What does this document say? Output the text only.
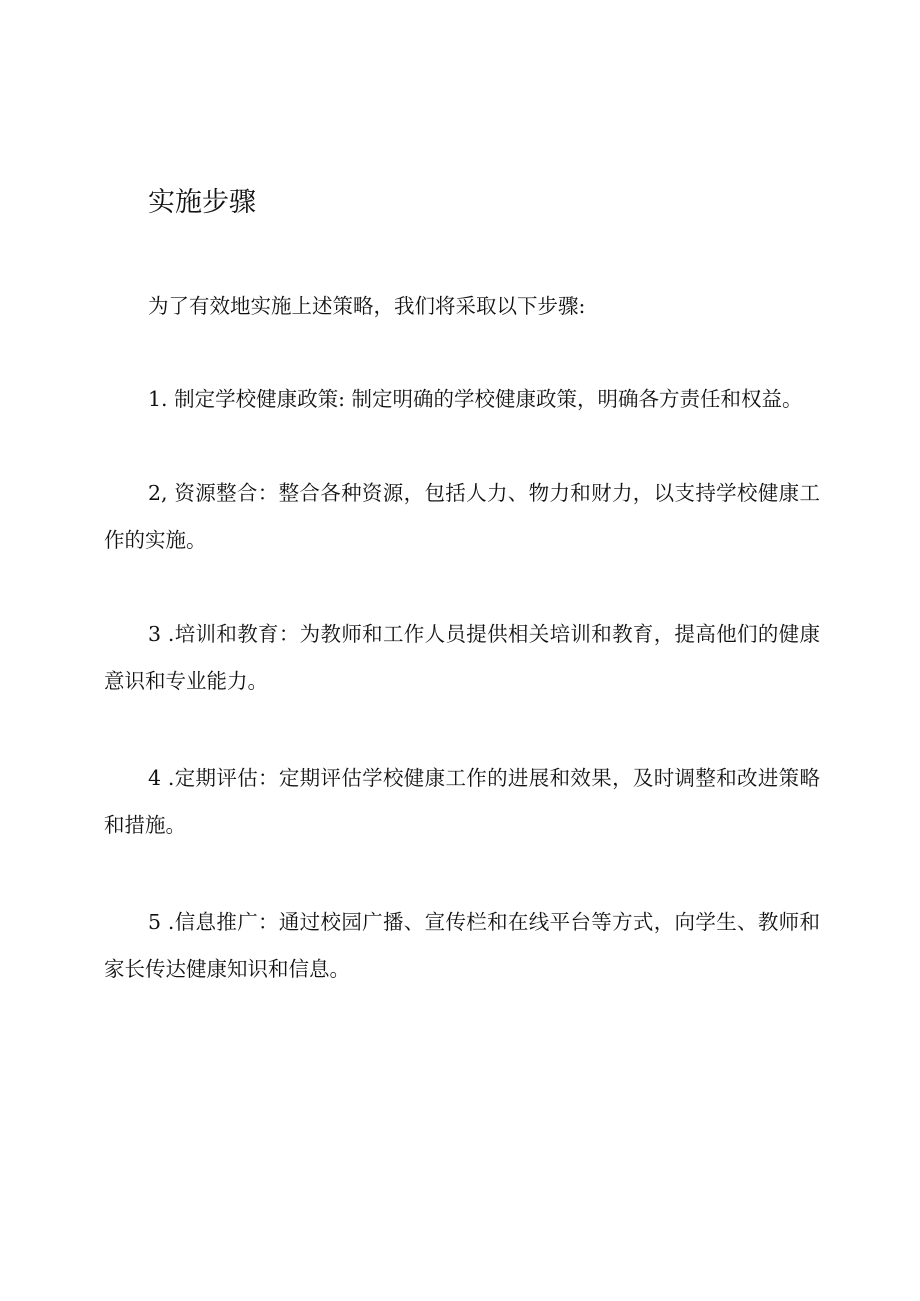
实施步骤

为了有效地实施上述策略，我们将采取以下步骤:

1. 制定学校健康政策: 制定明确的学校健康政策，明确各方责任和权益。

2, 资源整合：整合各种资源，包括人力、物力和财力，以支持学校健康工作的实施。

3 .培训和教育：为教师和工作人员提供相关培训和教育，提高他们的健康意识和专业能力。

4 .定期评估：定期评估学校健康工作的进展和效果，及时调整和改进策略和措施。

5 .信息推广：通过校园广播、宣传栏和在线平台等方式，向学生、教师和家长传达健康知识和信息。
